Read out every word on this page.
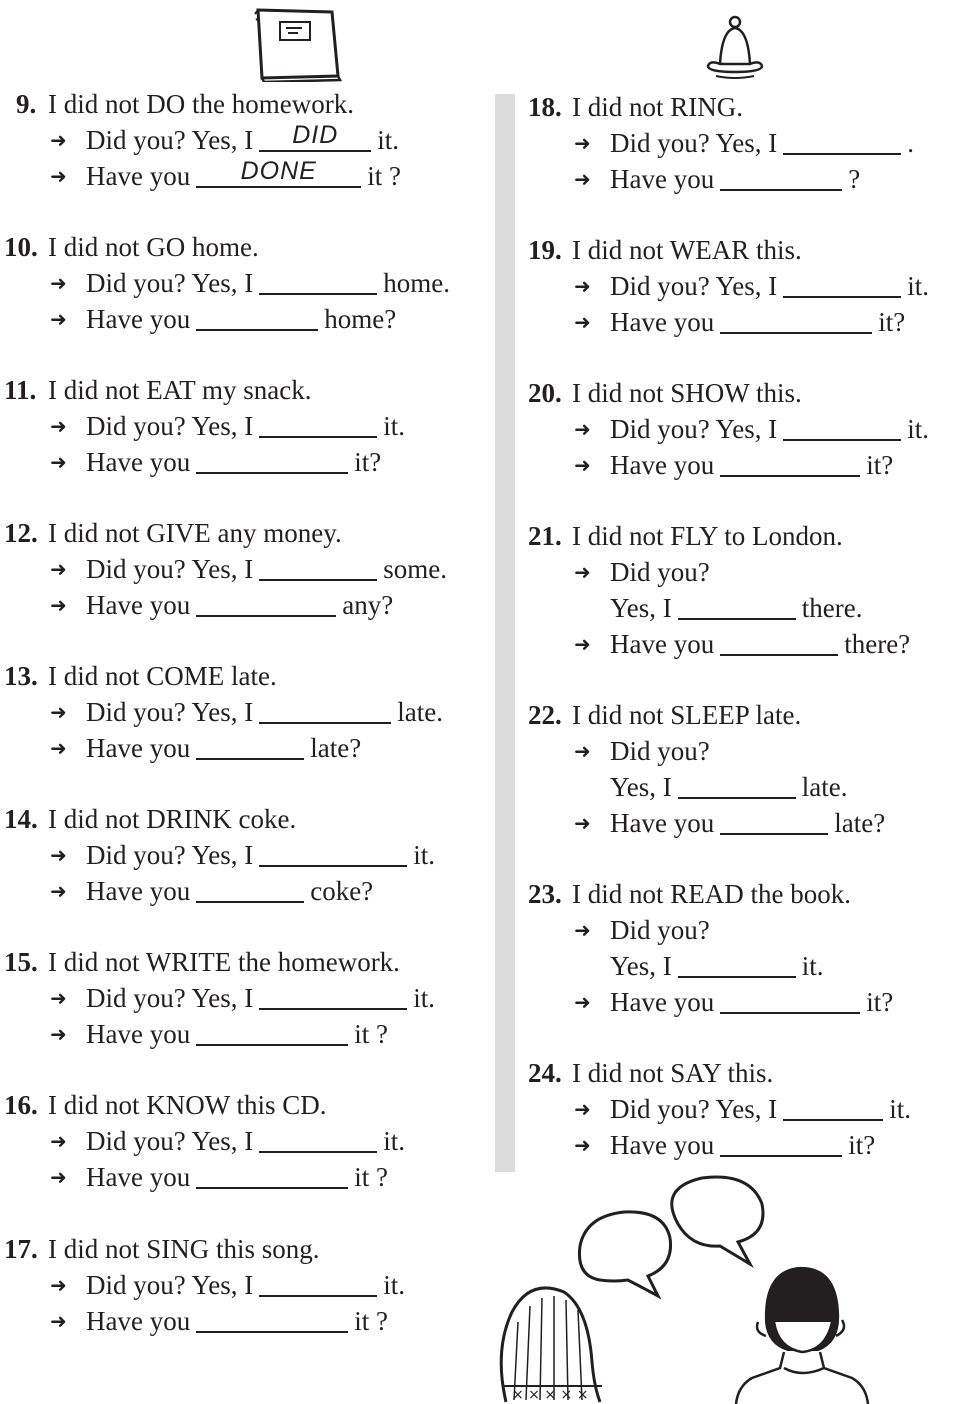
× × × × ×
9. I did not DO the homework.
➜ Did you? Yes, I	DID	it.
➜ Have you	DONE	it ?
10. I did not GO home.
➜ Did you? Yes, I	home.
➜ Have you	home?
11. I did not EAT my snack.
➜ Did you? Yes, I	it.
➜ Have you	it?
12. I did not GIVE any money.
➜ Did you? Yes, I	some.
➜ Have you	any?
13. I did not COME late.
➜ Did you? Yes, I	late.
➜ Have you	late?
14. I did not DRINK coke.
➜ Did you? Yes, I	it.
➜ Have you	coke?
15. I did not WRITE the homework.
➜ Did you? Yes, I	it.
➜ Have you	it ?
16. I did not KNOW this CD.
➜ Did you? Yes, I	it.
➜ Have you	it ?
17. I did not SING this song.
➜ Did you? Yes, I	it.
➜ Have you	it ?
18. I did not RING.
➜ Did you? Yes, I	.
➜ Have you	?
19. I did not WEAR this.
➜ Did you? Yes, I	it.
➜ Have you	it?
20. I did not SHOW this.
➜ Did you? Yes, I	it.
➜ Have you	it?
21. I did not FLY to London.
➜ Did you?
Yes, I	there.
➜ Have you	there?
22. I did not SLEEP late.
➜ Did you?
Yes, I	late.
➜ Have you	late?
23. I did not READ the book.
➜ Did you?
Yes, I	it.
➜ Have you	it?
24. I did not SAY this.
➜ Did you? Yes, I	it.
➜ Have you	it?
